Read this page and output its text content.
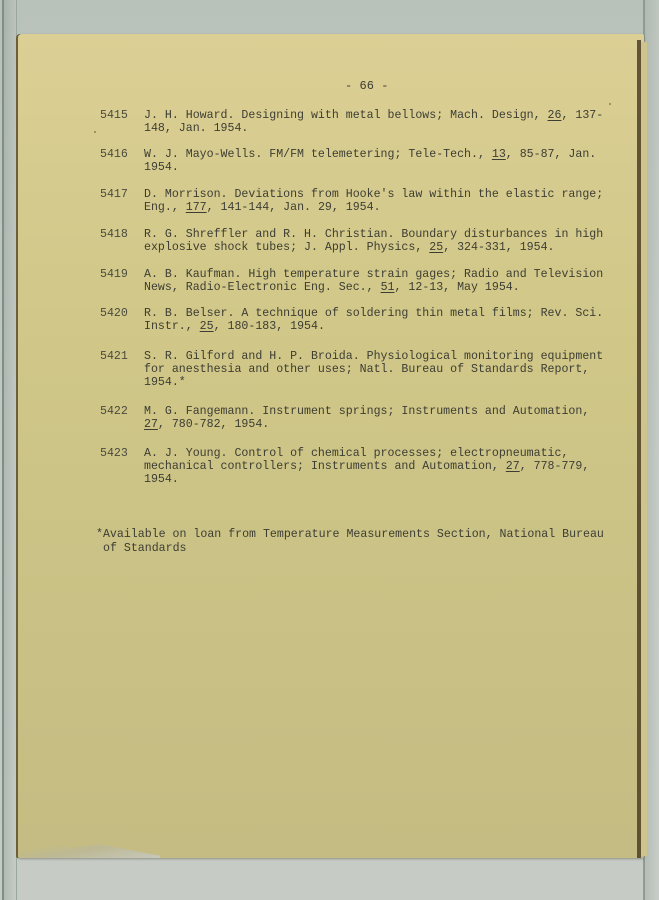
- 66 -
5415 J. H. Howard. Designing with metal bellows; Mach. Design, 26, 137-148, Jan. 1954.
5416 W. J. Mayo-Wells. FM/FM telemetering; Tele-Tech., 13, 85-87, Jan. 1954.
5417 D. Morrison. Deviations from Hooke's law within the elastic range; Eng., 177, 141-144, Jan. 29, 1954.
5418 R. G. Shreffler and R. H. Christian. Boundary disturbances in high explosive shock tubes; J. Appl. Physics, 25, 324-331, 1954.
5419 A. B. Kaufman. High temperature strain gages; Radio and Television News, Radio-Electronic Eng. Sec., 51, 12-13, May 1954.
5420 R. B. Belser. A technique of soldering thin metal films; Rev. Sci. Instr., 25, 180-183, 1954.
5421 S. R. Gilford and H. P. Broida. Physiological monitoring equipment for anesthesia and other uses; Natl. Bureau of Standards Report, 1954.*
5422 M. G. Fangemann. Instrument springs; Instruments and Automation, 27, 780-782, 1954.
5423 A. J. Young. Control of chemical processes; electropneumatic, mechanical controllers; Instruments and Automation, 27, 778-779, 1954.
*Available on loan from Temperature Measurements Section, National Bureau
of Standards
